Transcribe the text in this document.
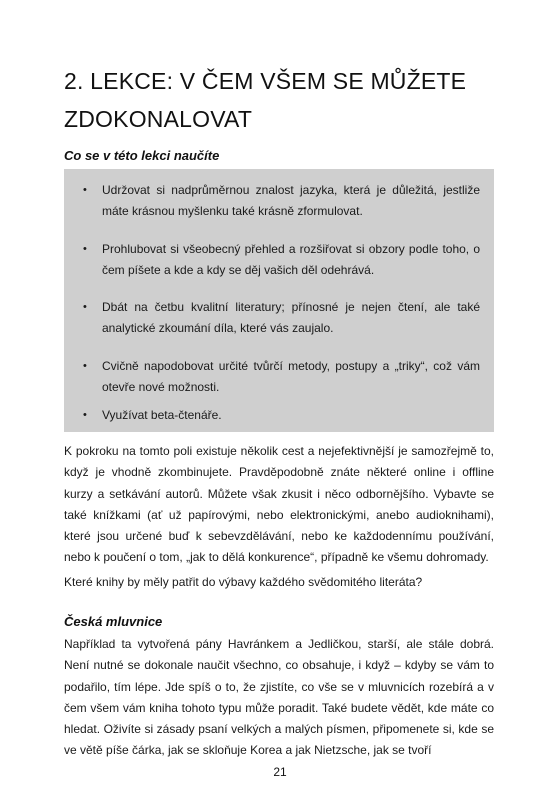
2. LEKCE: V ČEM VŠEM SE MŮŽETE ZDOKONALOVAT
Co se v této lekci naučíte
• Udržovat si nadprůměrnou znalost jazyka, která je důležitá, jestliže máte krásnou myšlenku také krásně zformulovat.
• Prohlubovat si všeobecný přehled a rozšiřovat si obzory podle toho, o čem píšete a kde a kdy se děj vašich děl odehrává.
• Dbát na četbu kvalitní literatury; přínosné je nejen čtení, ale také analytické zkoumání díla, které vás zaujalo.
• Cvičně napodobovat určité tvůrčí metody, postupy a „triky“, což vám otevře nové možnosti.
• Využívat beta-čtenáře.

K pokroku na tomto poli existuje několik cest a nejefektivnější je samozřejmě to, když je vhodně zkombinujete. Pravděpodobně znáte některé online i offline kurzy a setkávání autorů. Můžete však zkusit i něco odbornějšího. Vybavte se také knížkami (ať už papírovými, nebo elektronickými, anebo audioknihami), které jsou určené buď k sebevzdělávání, nebo ke každodennímu používání, nebo k poučení o tom, „jak to dělá konkurence“, případně ke všemu dohromady.

Které knihy by měly patřit do výbavy každého svědomitého literáta?

Česká mluvnice

Například ta vytvořená pány Havránkem a Jedličkou, starší, ale stále dobrá. Není nutné se dokonale naučit všechno, co obsahuje, i když – kdyby se vám to podařilo, tím lépe. Jde spíš o to, že zjistíte, co vše se v mluvnicích rozebírá a v čem všem vám kniha tohoto typu může poradit. Také budete vědět, kde máte co hledat. Oživíte si zásady psaní velkých a malých písmen, připomenete si, kde se ve větě píše čárka, jak se skloňuje Korea a jak Nietzsche, jak se tvoří

21
